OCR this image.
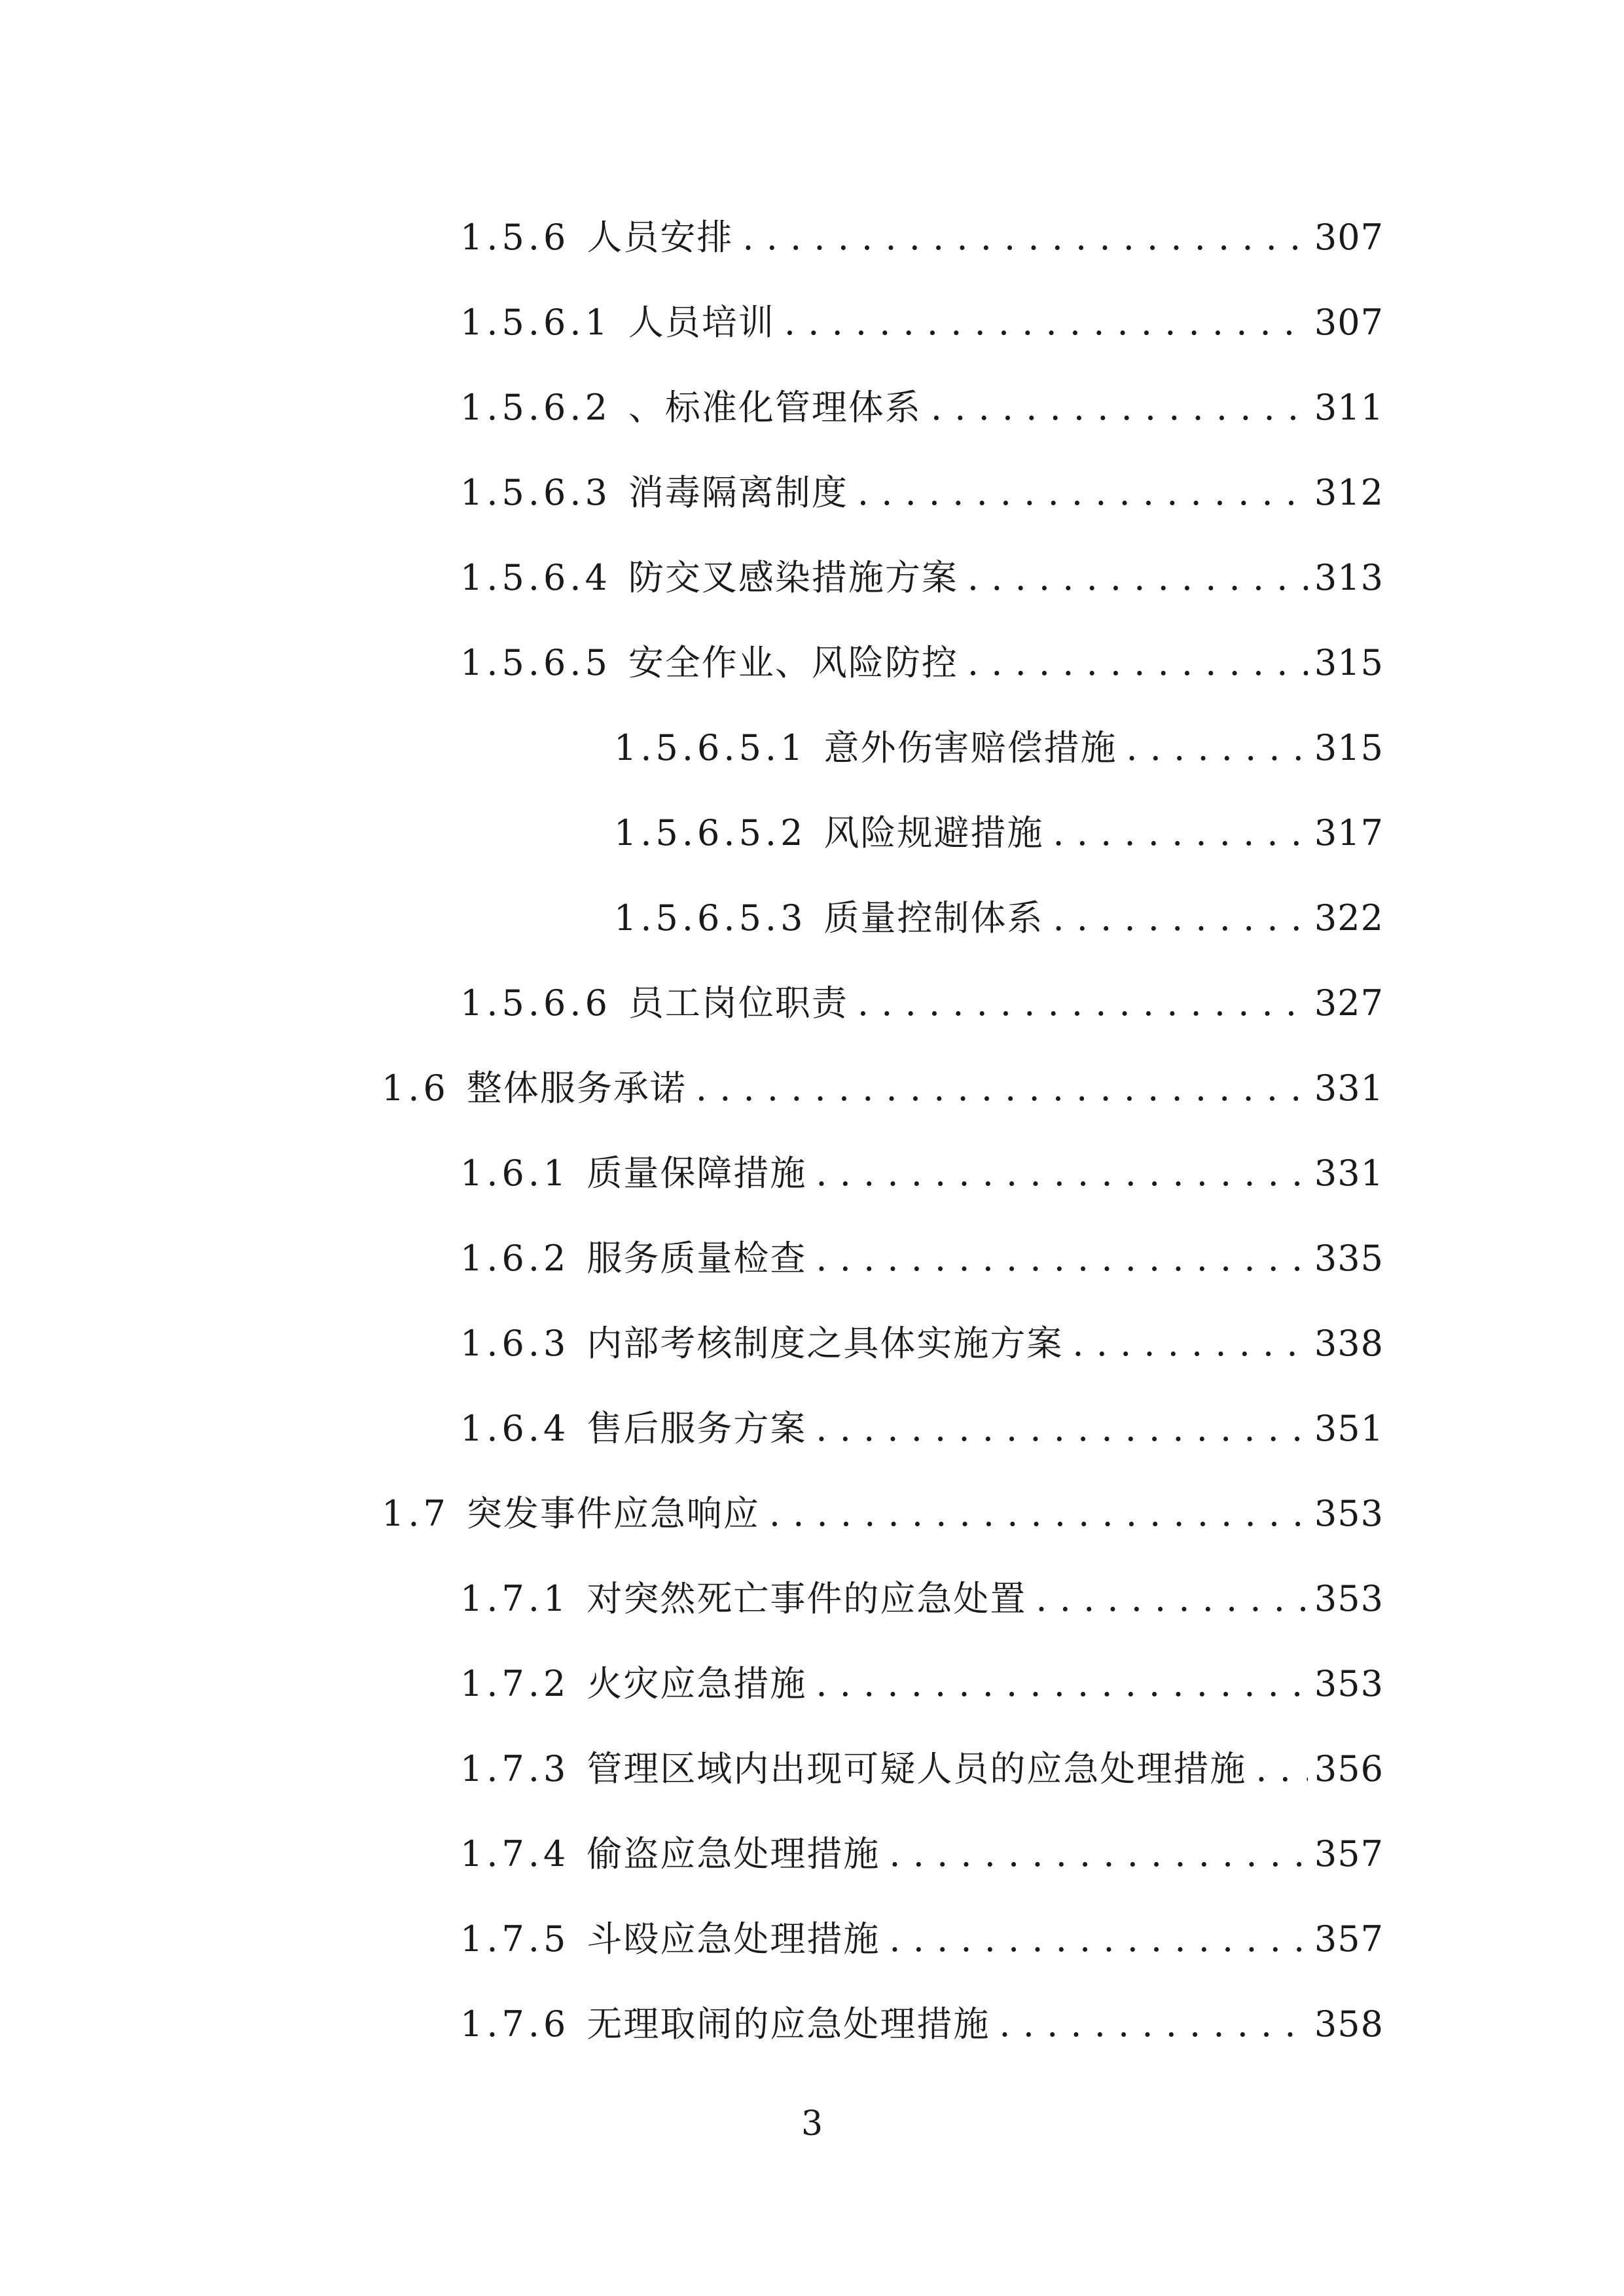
1.5.6 人员安排 . . .	307
1.5.6.1 人员培训 . . .	307
1.5.6.2 、标准化管理体系 . . .	311
1.5.6.3 消毒隔离制度 . . .	312
1.5.6.4 防交叉感染措施方案 . . .	313
1.5.6.5 安全作业、风险防控 . . .	315
1.5.6.5.1 意外伤害赔偿措施 . . .	315
1.5.6.5.2 风险规避措施 . . .	317
1.5.6.5.3 质量控制体系 . . .	322
1.5.6.6 员工岗位职责 . . .	327
1.6 整体服务承诺 . . .	331
1.6.1 质量保障措施 . . .	331
1.6.2 服务质量检查 . . .	335
1.6.3 内部考核制度之具体实施方案 . . .	338
1.6.4 售后服务方案 . . .	351
1.7 突发事件应急响应 . . .	353
1.7.1 对突然死亡事件的应急处置 . . .	353
1.7.2 火灾应急措施 . . .	353
1.7.3 管理区域内出现可疑人员的应急处理措施 . . . 356
1.7.4 偷盗应急处理措施 . . .	357
1.7.5 斗殴应急处理措施 . . .	357
1.7.6 无理取闹的应急处理措施 . . .	358
3
